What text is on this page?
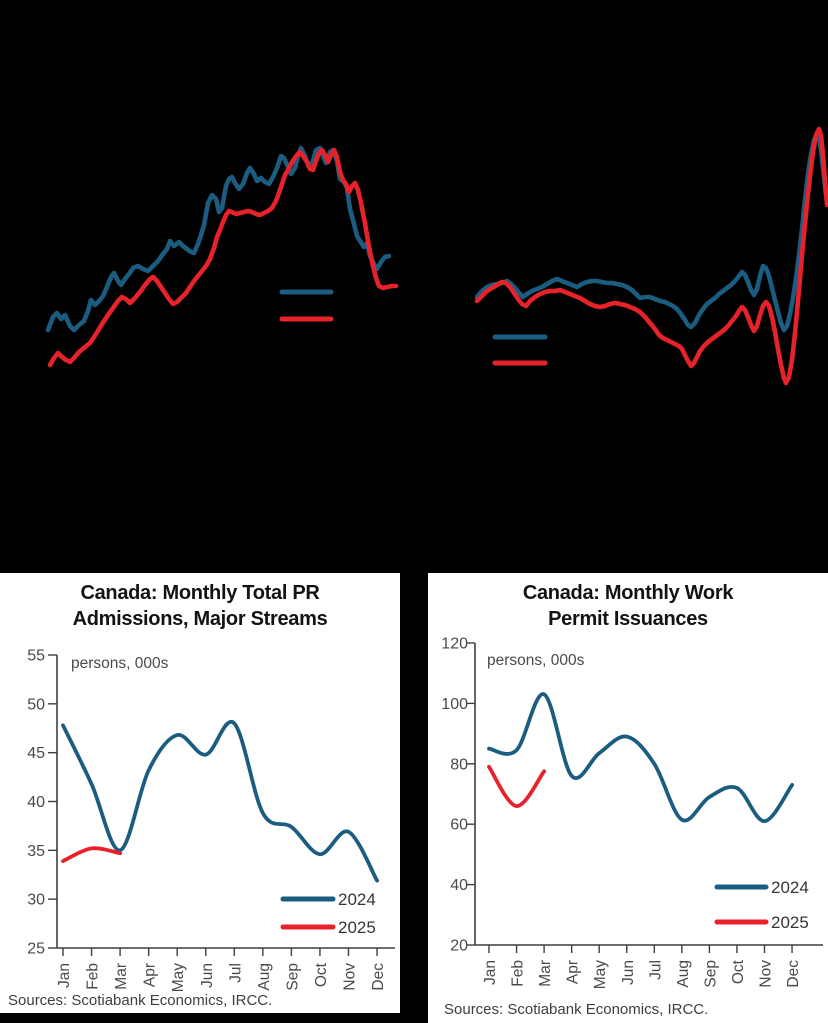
Canada: Monthly Total PR
Admissions, Major Streams
55
50
45
40
35
30
25
Jan Feb Mar Apr May Jun Jul Aug Sep Oct Nov Dec
persons, 000s
2024
2025
Sources: Scotiabank Economics, IRCC.
Canada: Monthly Work
Permit Issuances
120
100
80
60
40
20
Jan Feb Mar Apr May Jun Jul Aug Sep Oct Nov Dec
persons, 000s
2024
2025
Sources: Scotiabank Economics, IRCC.
